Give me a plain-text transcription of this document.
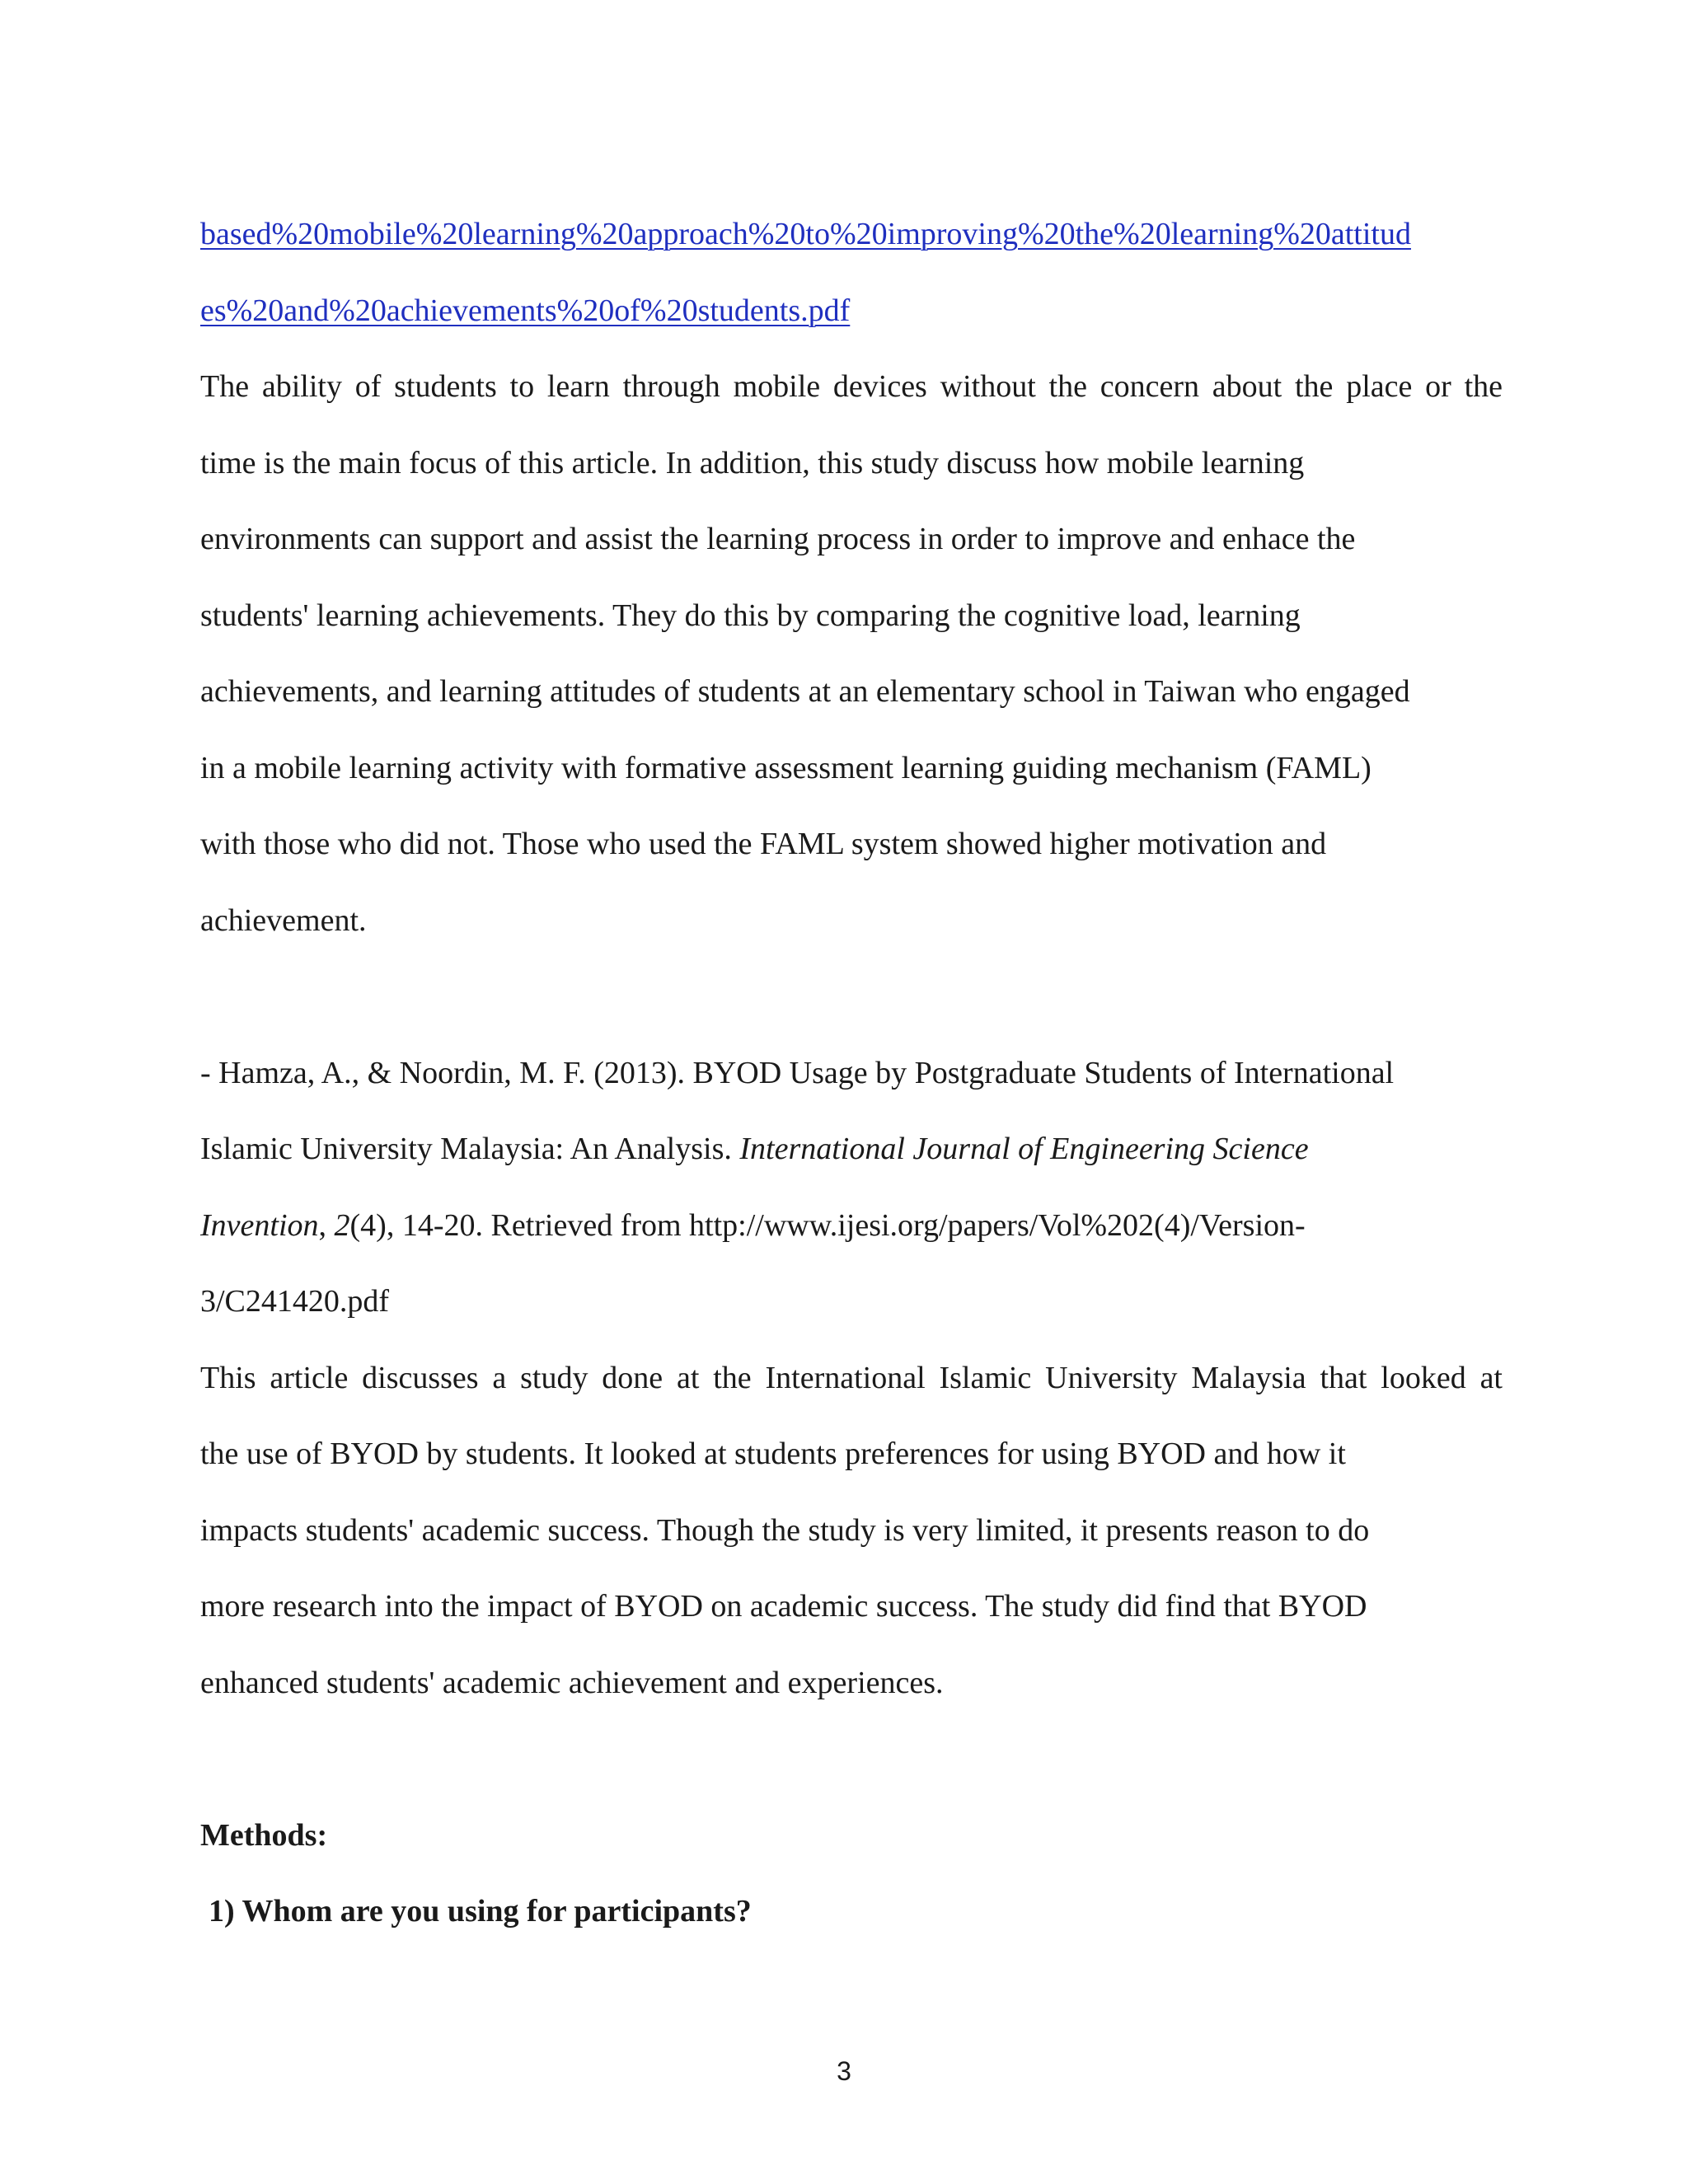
based%20mobile%20learning%20approach%20to%20improving%20the%20learning%20attitud
es%20and%20achievements%20of%20students.pdf
The ability of students to learn through mobile devices without the concern about the place or the
time is the main focus of this article. In addition, this study discuss how mobile learning
environments can support and assist the learning process in order to improve and enhace the
students' learning achievements. They do this by comparing the cognitive load, learning
achievements, and learning attitudes of students at an elementary school in Taiwan who engaged
in a mobile learning activity with formative assessment learning guiding mechanism (FAML)
with those who did not. Those who used the FAML system showed higher motivation and
achievement.
- Hamza, A., & Noordin, M. F. (2013). BYOD Usage by Postgraduate Students of International
Islamic University Malaysia: An Analysis. International Journal of Engineering Science
Invention, 2(4), 14-20. Retrieved from http://www.ijesi.org/papers/Vol%202(4)/Version-
3/C241420.pdf
This article discusses a study done at the International Islamic University Malaysia that looked at
the use of BYOD by students. It looked at students preferences for using BYOD and how it
impacts students' academic success. Though the study is very limited, it presents reason to do
more research into the impact of BYOD on academic success. The study did find that BYOD
enhanced students' academic achievement and experiences.
Methods:
1) Whom are you using for participants?
3
